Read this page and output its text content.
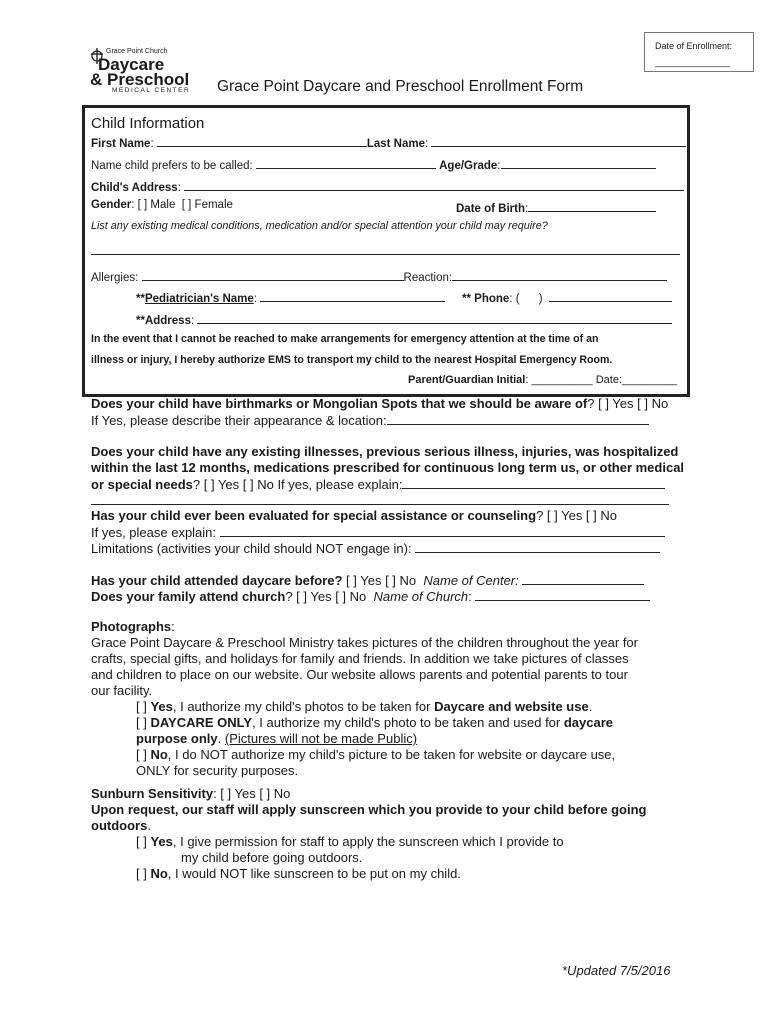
Date of Enrollment:
_______________
Grace Point Church
Daycare
& Preschool
MEDICAL CENTER Grace Point Daycare and Preschool Enrollment Form
Child Information
First Name:	Last Name:
Name child prefers to be called:	Age/Grade:
Child's Address:
Gender: [ ] Male [ ] Female	Date of Birth:
List any existing medical conditions, medication and/or special attention your child may require?
Allergies:	Reaction:
**Pediatrician's Name:	** Phone: ( )
**Address:
In the event that I cannot be reached to make arrangements for emergency attention at the time of an
illness or injury, I hereby authorize EMS to transport my child to the nearest Hospital Emergency Room.
Parent/Guardian Initial: __________ Date:_________
Does your child have birthmarks or Mongolian Spots that we should be aware of? [ ] Yes [ ] No
If Yes, please describe their appearance & location:
Does your child have any existing illnesses, previous serious illness, injuries, was hospitalized
within the last 12 months, medications prescribed for continuous long term us, or other medical
or special needs? [ ] Yes [ ] No If yes, please explain:
Has your child ever been evaluated for special assistance or counseling? [ ] Yes [ ] No
If yes, please explain:
Limitations (activities your child should NOT engage in):
Has your child attended daycare before? [ ] Yes [ ] No Name of Center:
Does your family attend church? [ ] Yes [ ] No Name of Church:
Photographs:
Grace Point Daycare & Preschool Ministry takes pictures of the children throughout the year for
crafts, special gifts, and holidays for family and friends. In addition we take pictures of classes
and children to place on our website. Our website allows parents and potential parents to tour
our facility.
[ ] Yes, I authorize my child's photos to be taken for Daycare and website use.
[ ] DAYCARE ONLY, I authorize my child's photo to be taken and used for daycare
purpose only. (Pictures will not be made Public)
[ ] No, I do NOT authorize my child's picture to be taken for website or daycare use,
ONLY for security purposes.
Sunburn Sensitivity: [ ] Yes [ ] No
Upon request, our staff will apply sunscreen which you provide to your child before going
outdoors.
[ ] Yes, I give permission for staff to apply the sunscreen which I provide to
my child before going outdoors.
[ ] No, I would NOT like sunscreen to be put on my child.
*Updated 7/5/2016
